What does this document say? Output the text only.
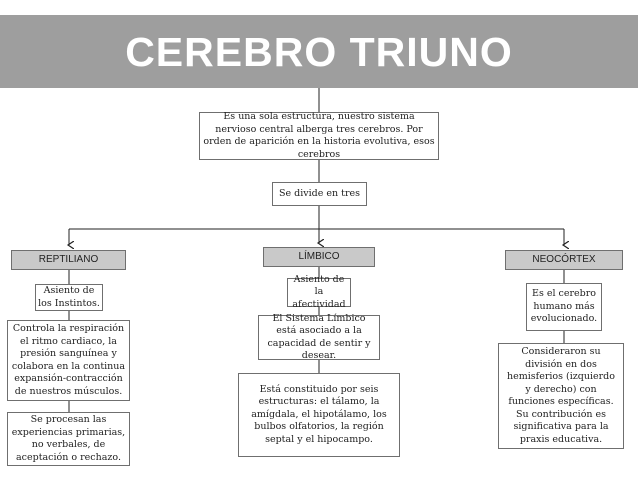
CEREBRO TRIUNO
Es una sola estructura, nuestro sistema nervioso central alberga tres cerebros. Por orden de aparición en la historia evolutiva, esos cerebros
Se divide en tres
REPTILIANO
Asiento de los Instintos.
Controla la respiración el ritmo cardiaco, la presión sanguínea y colabora en la continua expansión-contracción de nuestros músculos.
Se procesan las experiencias primarias, no verbales, de aceptación o rechazo.
LÍMBICO
Asiento de la afectividad
El Sistema Límbico está asociado a la capacidad de sentir y desear.
Está constituido por seis estructuras: el tálamo, la amígdala, el hipotálamo, los bulbos olfatorios, la región septal y el hipocampo.
NEOCÓRTEX
Es el cerebro humano más evolucionado.
Consideraron su división en dos hemisferios (izquierdo y derecho) con funciones específicas. Su contribución es significativa para la praxis educativa.
